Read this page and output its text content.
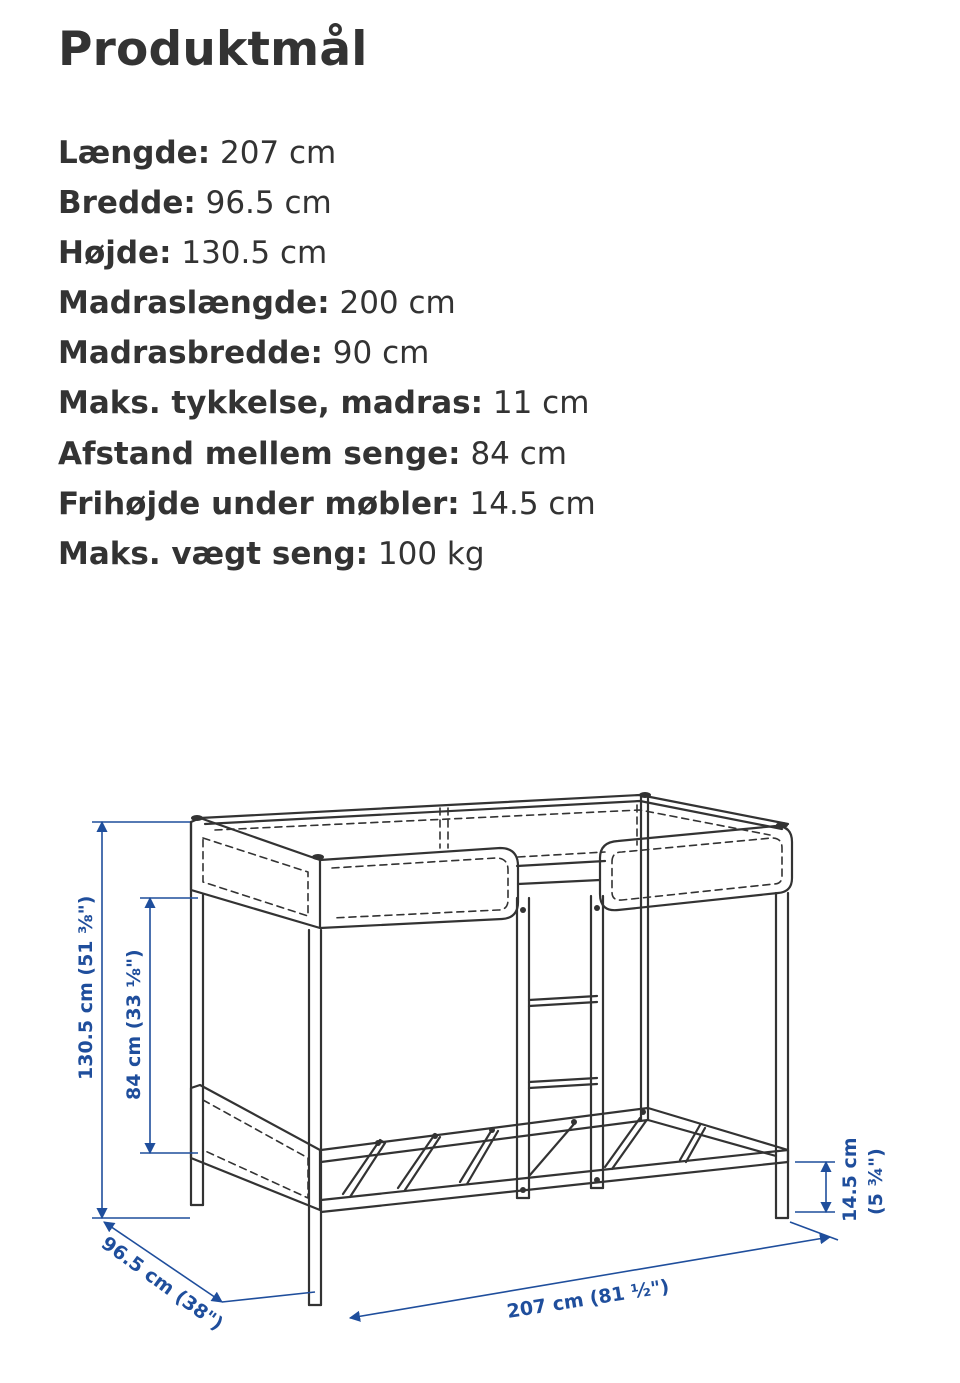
Produktmål
Længde: 207 cm
Bredde: 96.5 cm
Højde: 130.5 cm
Madraslængde: 200 cm
Madrasbredde: 90 cm
Maks. tykkelse, madras: 11 cm
Afstand mellem senge: 84 cm
Frihøjde under møbler: 14.5 cm
Maks. vægt seng: 100 kg
130.5 cm (51 ⅜") 84 cm (33 ⅛")
14.5 cm (5 ¾")
96.5 cm (38")	207 cm (81 ½")
